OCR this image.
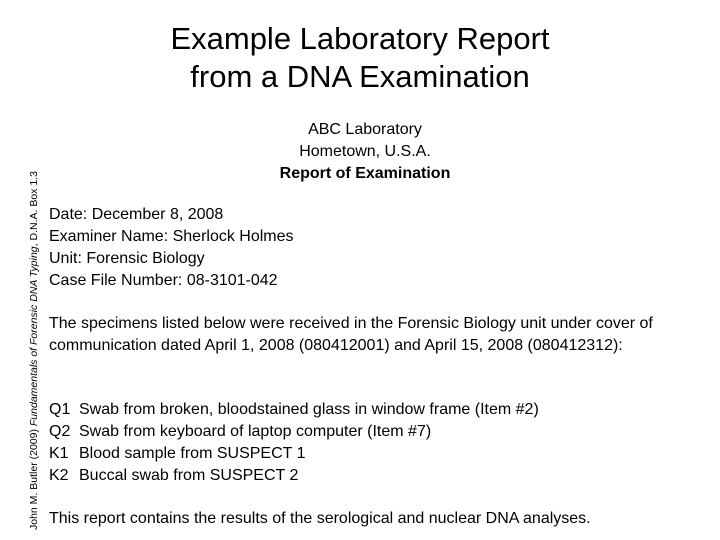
John M. Butler (2009) Fundamentals of Forensic DNA Typing, D.N.A. Box 1.3
Example Laboratory Report
from a DNA Examination
ABC Laboratory
Hometown, U.S.A.
Report of Examination
Date: December 8, 2008
Examiner Name: Sherlock Holmes
Unit: Forensic Biology
Case File Number: 08-3101-042
The specimens listed below were received in the Forensic Biology unit under cover of communication dated April 1, 2008 (080412001) and April 15, 2008 (080412312):
Q1 Swab from broken, bloodstained glass in window frame (Item #2)
Q2 Swab from keyboard of laptop computer (Item #7)
K1 Blood sample from SUSPECT 1
K2 Buccal swab from SUSPECT 2
This report contains the results of the serological and nuclear DNA analyses.
